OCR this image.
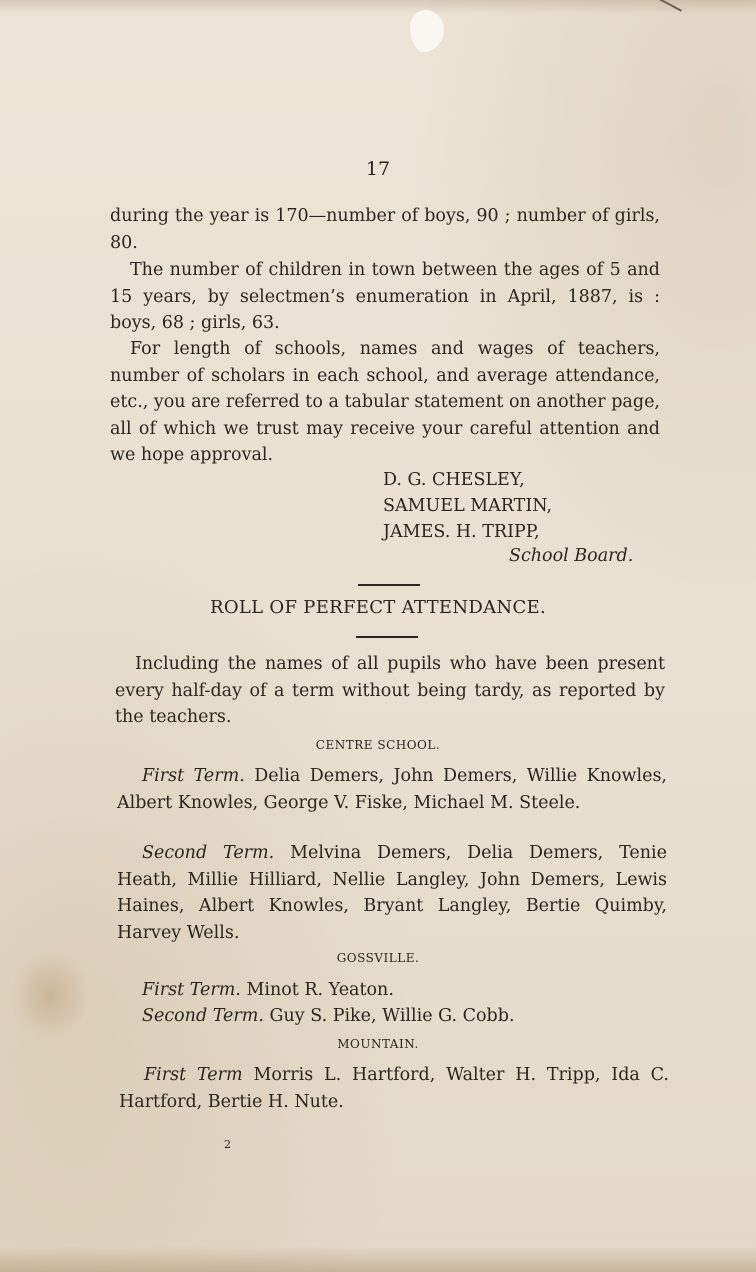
17
during the year is 170—number of boys, 90 ; number of girls, 80.
The number of children in town between the ages of 5 and 15 years, by selectmen’s enumeration in April, 1887, is : boys, 68 ; girls, 63.
For length of schools, names and wages of teachers, number of scholars in each school, and average attendance, etc., you are referred to a tabular statement on another page, all of which we trust may receive your careful attention and we hope approval.
D. G. CHESLEY,
SAMUEL MARTIN,
JAMES. H. TRIPP,
School Board.
ROLL OF PERFECT ATTENDANCE.
Including the names of all pupils who have been present every half-day of a term without being tardy, as reported by the teachers.
CENTRE SCHOOL.
First Term. Delia Demers, John Demers, Willie Knowles, Albert Knowles, George V. Fiske, Michael M. Steele.
Second Term. Melvina Demers, Delia Demers, Tenie Heath, Millie Hilliard, Nellie Langley, John Demers, Lewis Haines, Albert Knowles, Bryant Langley, Bertie Quimby, Harvey Wells.
GOSSVILLE.
First Term. Minot R. Yeaton.
Second Term. Guy S. Pike, Willie G. Cobb.
MOUNTAIN.
First Term Morris L. Hartford, Walter H. Tripp, Ida C. Hartford, Bertie H. Nute.
2
